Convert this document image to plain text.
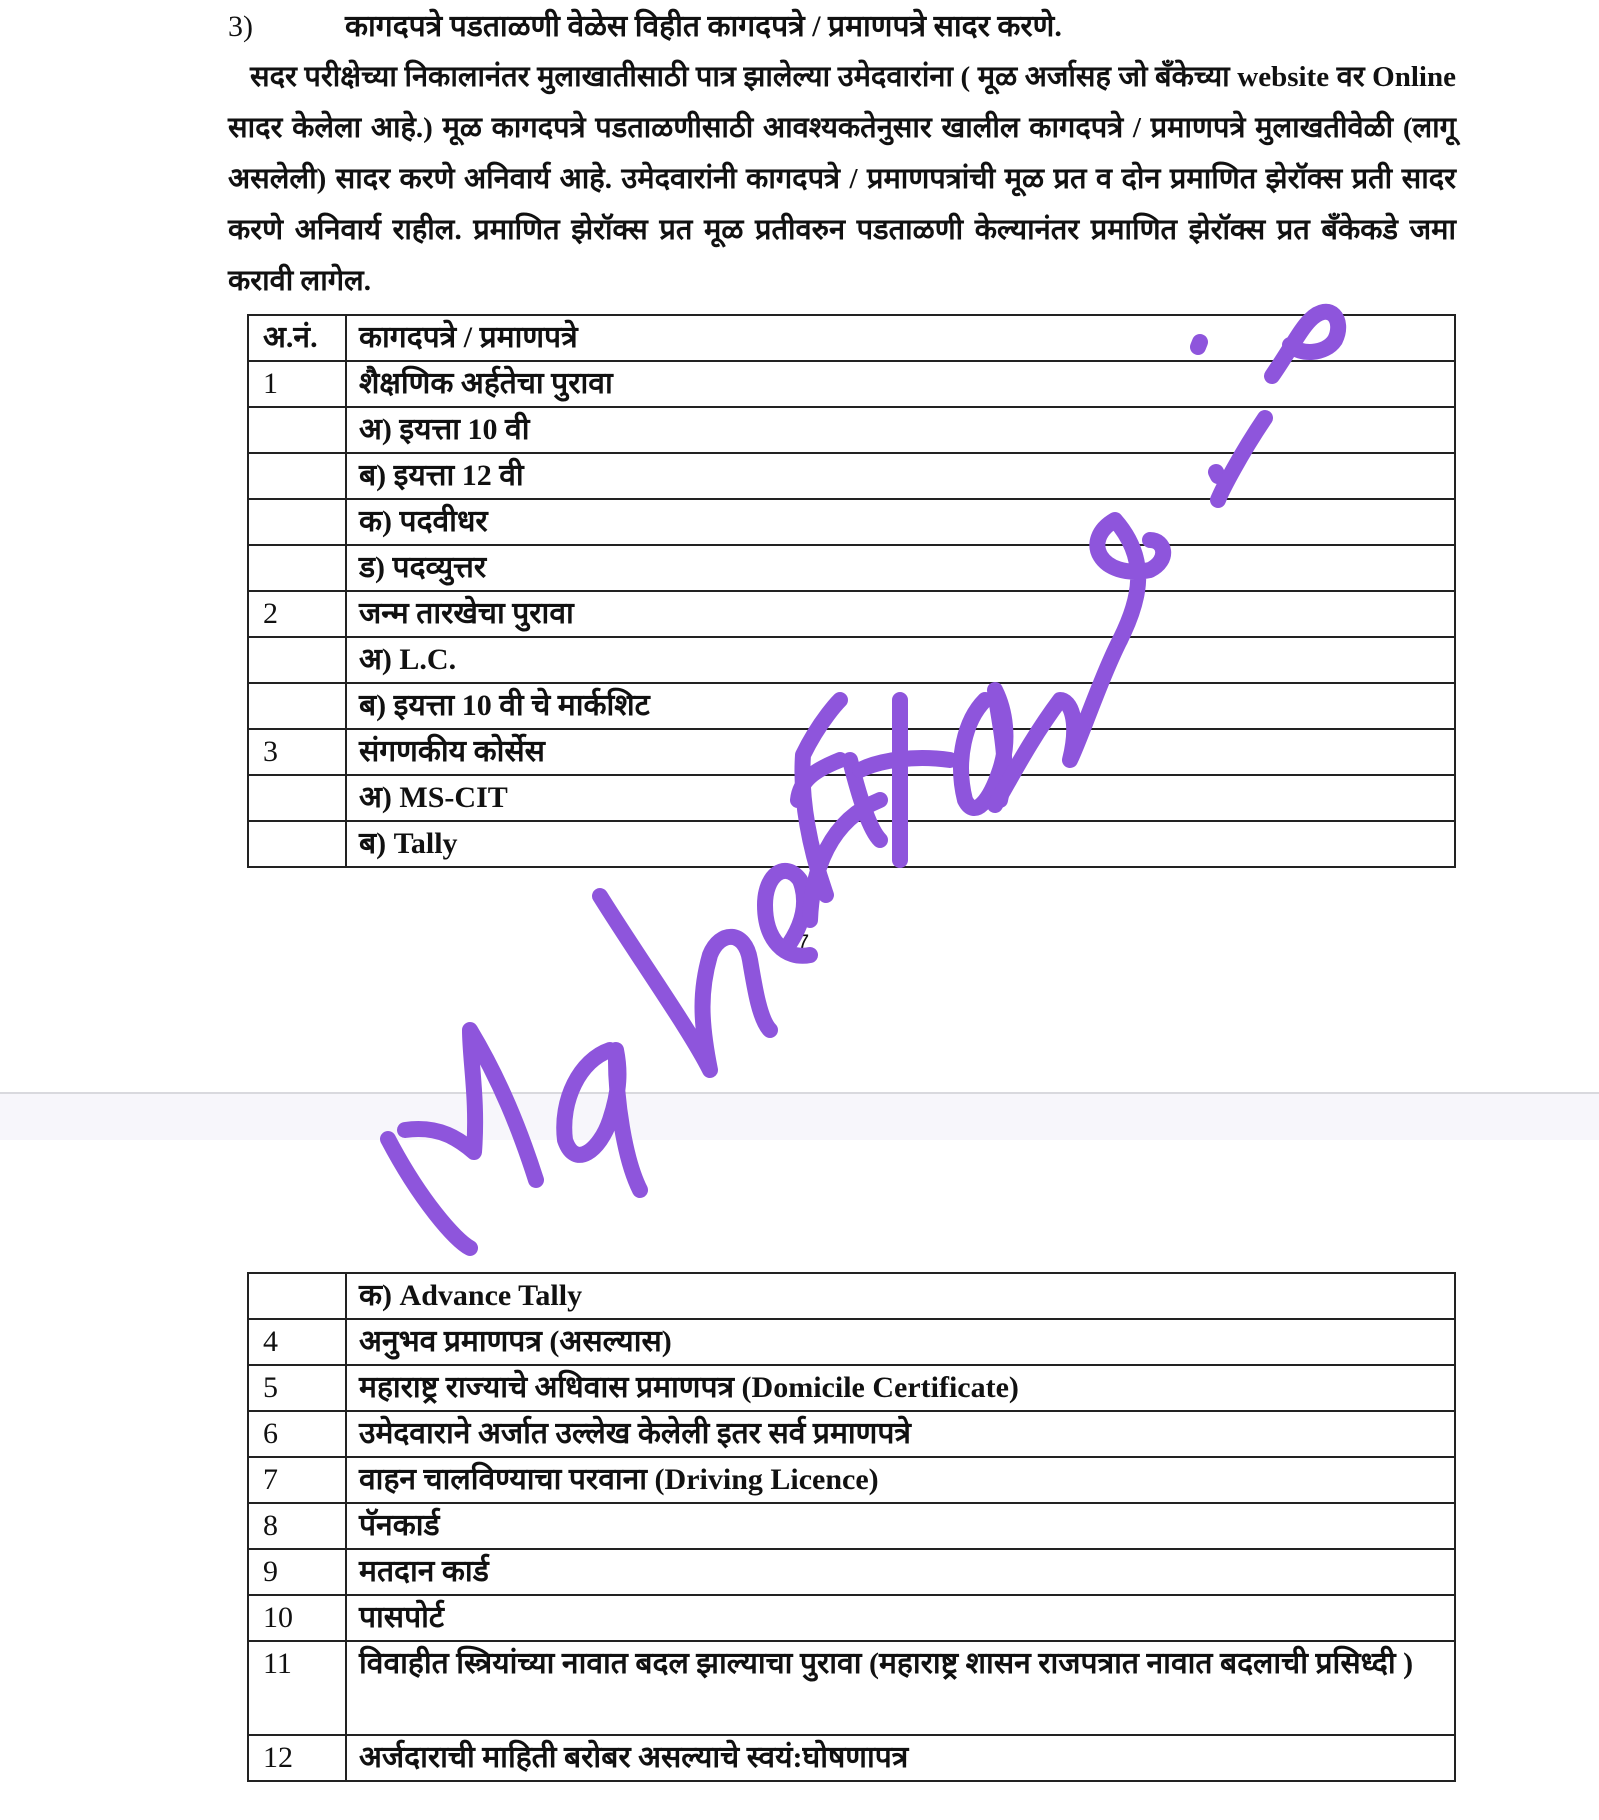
3)	कागदपत्रे पडताळणी वेळेस विहीत कागदपत्रे / प्रमाणपत्रे सादर करणे.
सदर परीक्षेच्या निकालानंतर मुलाखातीसाठी पात्र झालेल्या उमेदवारांना ( मूळ अर्जासह जो बँकेच्या website वर Online सादर केलेला आहे.) मूळ कागदपत्रे पडताळणीसाठी आवश्यकतेनुसार खालील कागदपत्रे / प्रमाणपत्रे मुलाखतीवेळी (लागू असलेली) सादर करणे अनिवार्य आहे. उमेदवारांनी कागदपत्रे / प्रमाणपत्रांची मूळ प्रत व दोन प्रमाणित झेरॉक्स प्रती सादर करणे अनिवार्य राहील. प्रमाणित झेरॉक्स प्रत मूळ प्रतीवरुन पडताळणी केल्यानंतर प्रमाणित झेरॉक्स प्रत बँकेकडे जमा करावी लागेल.
अ.नं.	कागदपत्रे / प्रमाणपत्रे
1	शैक्षणिक अर्हतेचा पुरावा
	अ) इयत्ता 10 वी
	ब) इयत्ता 12 वी
	क) पदवीधर
	ड) पदव्युत्तर
2	जन्म तारखेचा पुरावा
	अ) L.C.
	ब) इयत्ता 10 वी चे मार्कशिट
3	संगणकीय कोर्सेस
	अ) MS-CIT
	ब) Tally
te
7
	क) Advance Tally
4	अनुभव प्रमाणपत्र (असल्यास)
5	महाराष्ट्र राज्याचे अधिवास प्रमाणपत्र (Domicile Certificate)
6	उमेदवाराने अर्जात उल्लेख केलेली इतर सर्व प्रमाणपत्रे
7	वाहन चालविण्याचा परवाना (Driving Licence)
8	पॅनकार्ड
9	मतदान कार्ड
10	पासपोर्ट
11	विवाहीत स्त्रियांच्या नावात बदल झाल्याचा पुरावा (महाराष्ट्र शासन राजपत्रात नावात बदलाची प्रसिध्दी )
12	अर्जदाराची माहिती बरोबर असल्याचे स्वयं:घोषणापत्र
